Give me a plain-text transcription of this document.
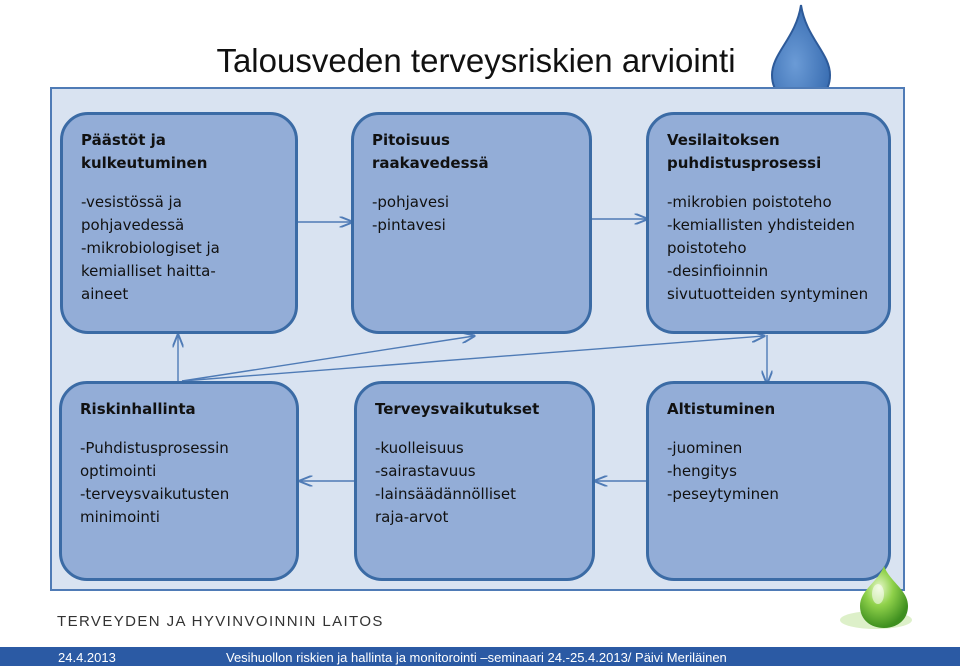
Talousveden terveysriskien arviointi
Päästöt ja
kulkeutuminen
-vesistössä ja
pohjavedessä
-mikrobiologiset ja
kemialliset haitta-
aineet
Pitoisuus
raakavedessä
-pohjavesi
-pintavesi
Vesilaitoksen
puhdistusprosessi
-mikrobien poistoteho
-kemiallisten yhdisteiden
poistoteho
-desinfioinnin
sivutuotteiden syntyminen
Riskinhallinta
-Puhdistusprosessin
optimointi
-terveysvaikutusten
minimointi
Terveysvaikutukset
-kuolleisuus
-sairastavuus
-lainsäädännölliset
raja-arvot
Altistuminen
-juominen
-hengitys
-peseytyminen
TERVEYDEN JA HYVINVOINNIN LAITOS
24.4.2013	Vesihuollon riskien ja hallinta ja monitorointi –seminaari 24.-25.4.2013/ Päivi Meriläinen
